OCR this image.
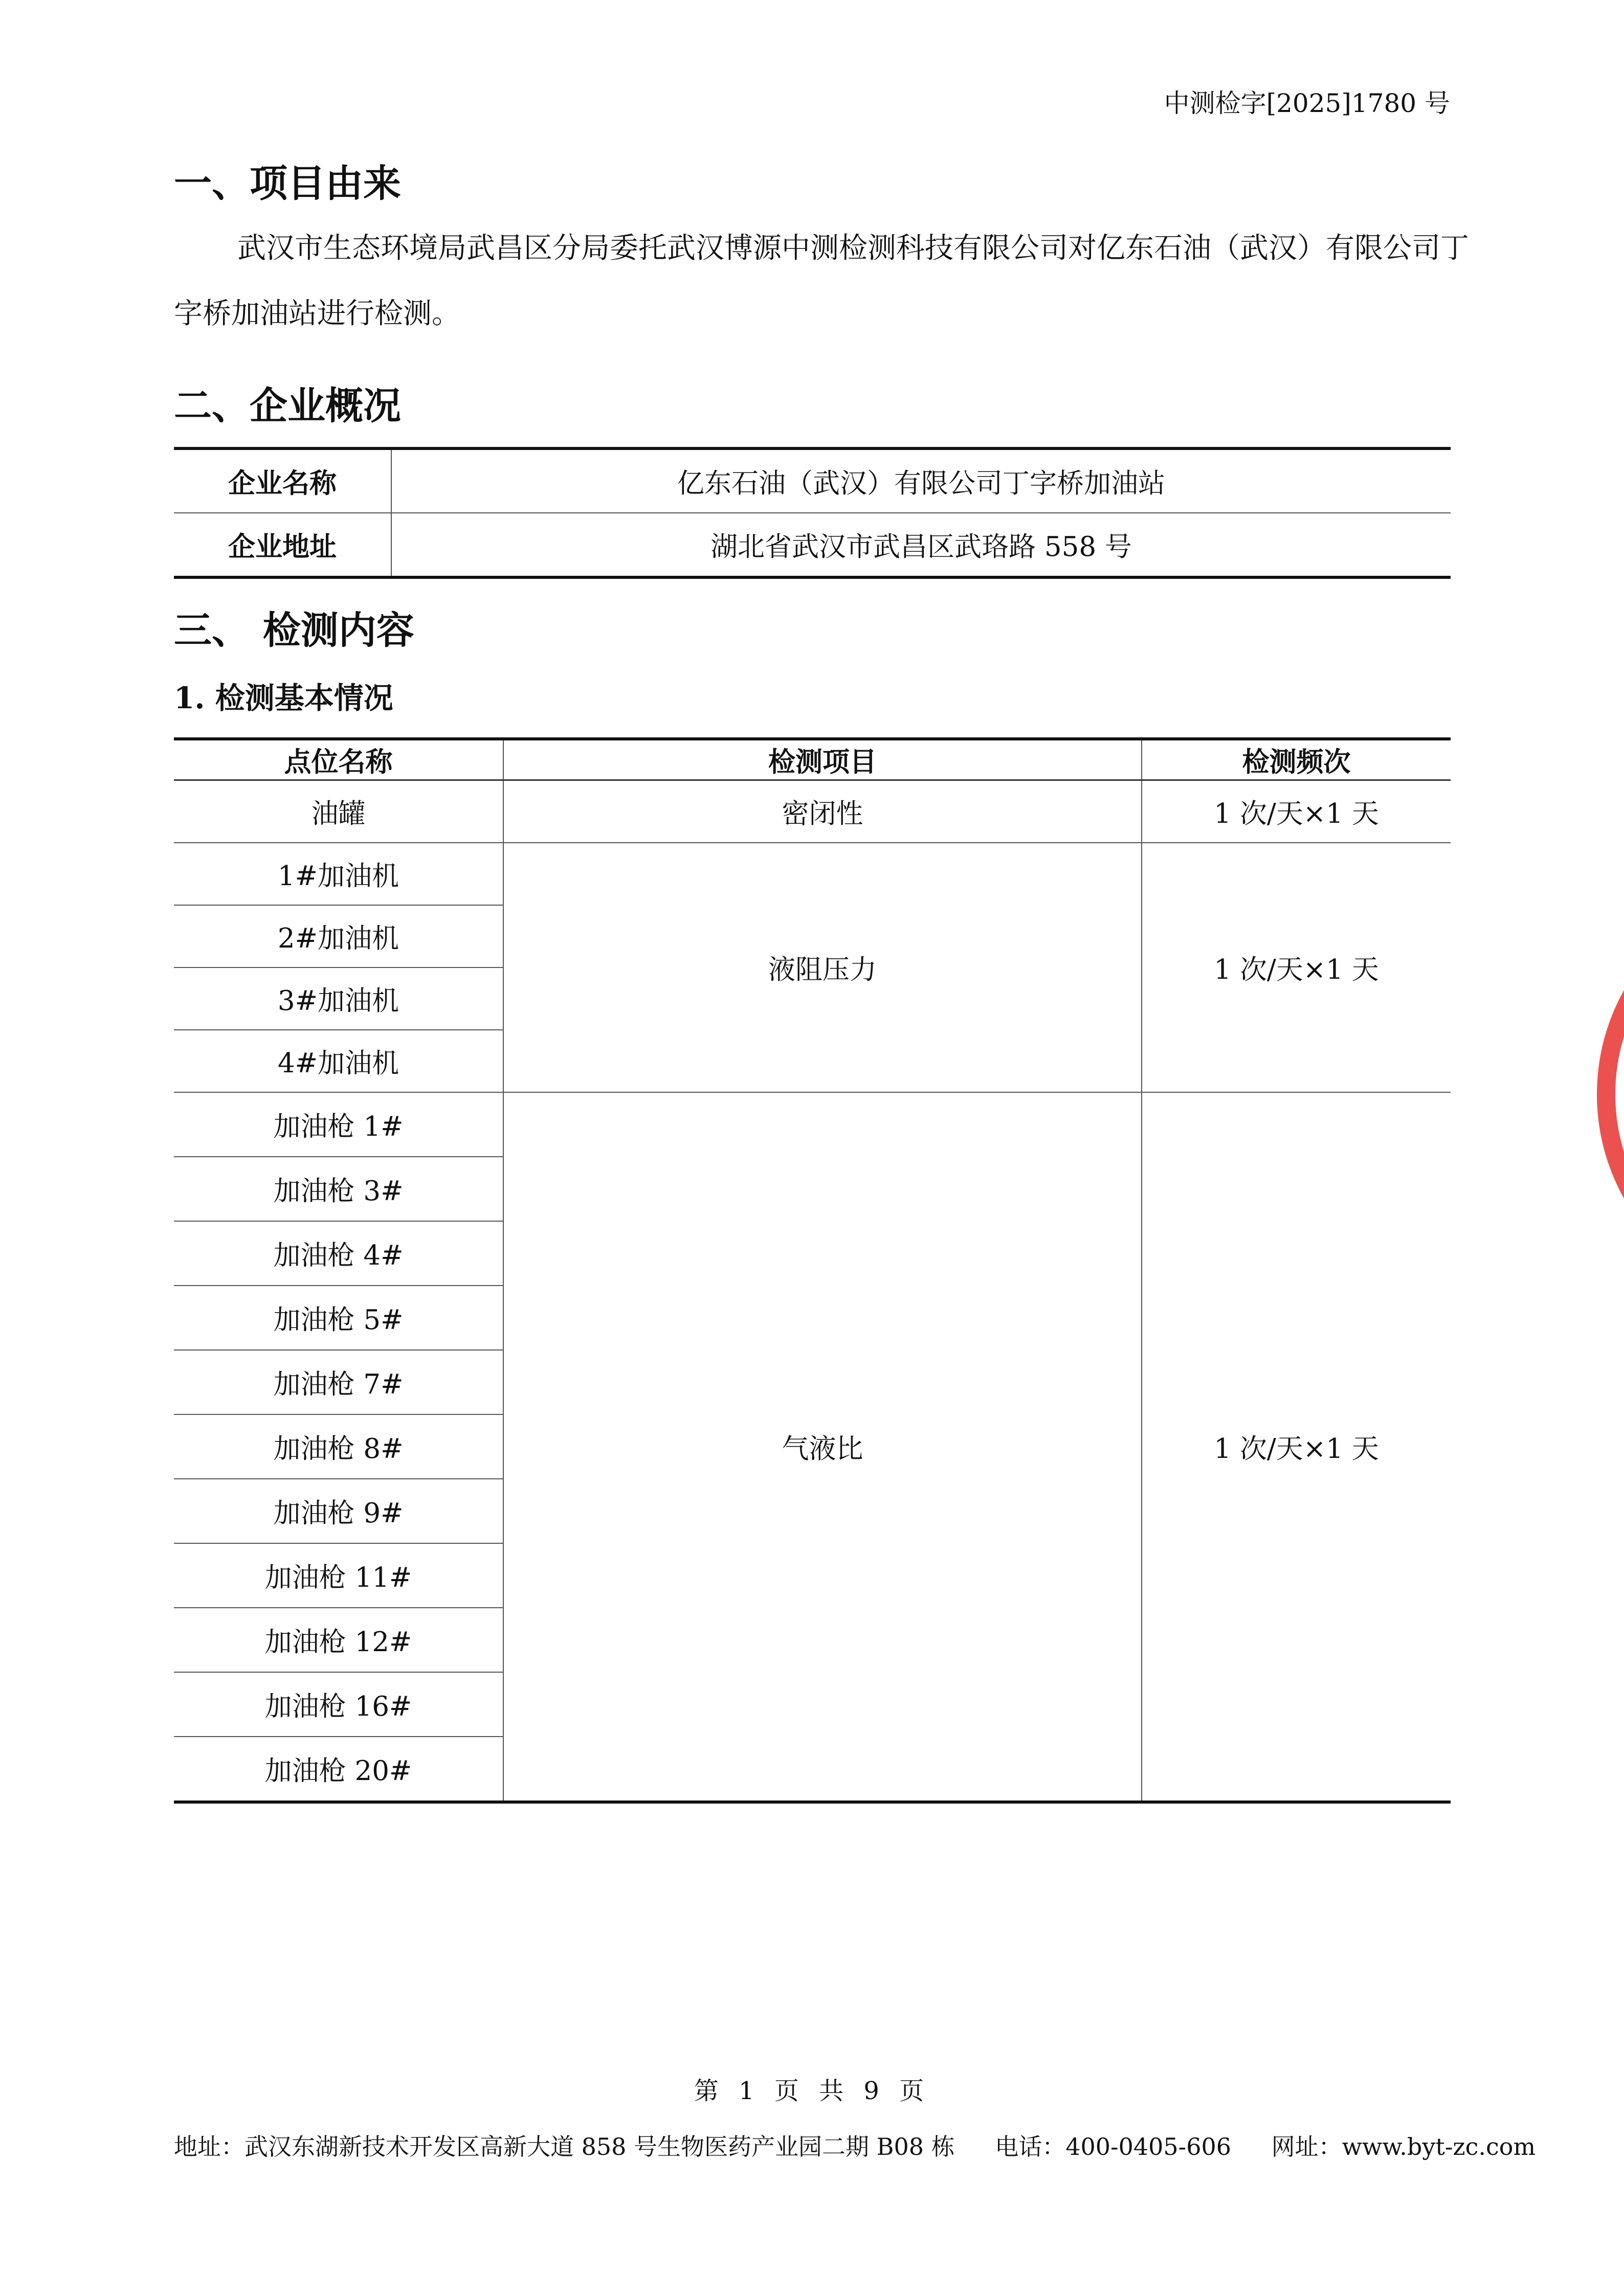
中测检字[2025]1780 号
一、项目由来
武汉市生态环境局武昌区分局委托武汉博源中测检测科技有限公司对亿东石油（武汉）有限公司丁字桥加油站进行检测。
二、企业概况
企业名称	亿东石油（武汉）有限公司丁字桥加油站
企业地址	湖北省武汉市武昌区武珞路 558 号
三、 检测内容
1. 检测基本情况
点位名称	检测项目	检测频次
油罐	密闭性	1 次/天×1 天
1#加油机	液阻压力	1 次/天×1 天
2#加油机		
3#加油机		
4#加油机		
加油枪 1#	气液比	1 次/天×1 天
加油枪 3#		
加油枪 4#		
加油枪 5#		
加油枪 7#		
加油枪 8#		
加油枪 9#		
加油枪 11#		
加油枪 12#		
加油枪 16#		
加油枪 20#		
第 1 页 共 9 页
地址：武汉东湖新技术开发区高新大道 858 号生物医药产业园二期 B08 栋 电话：400-0405-606 网址：www.byt-zc.com
